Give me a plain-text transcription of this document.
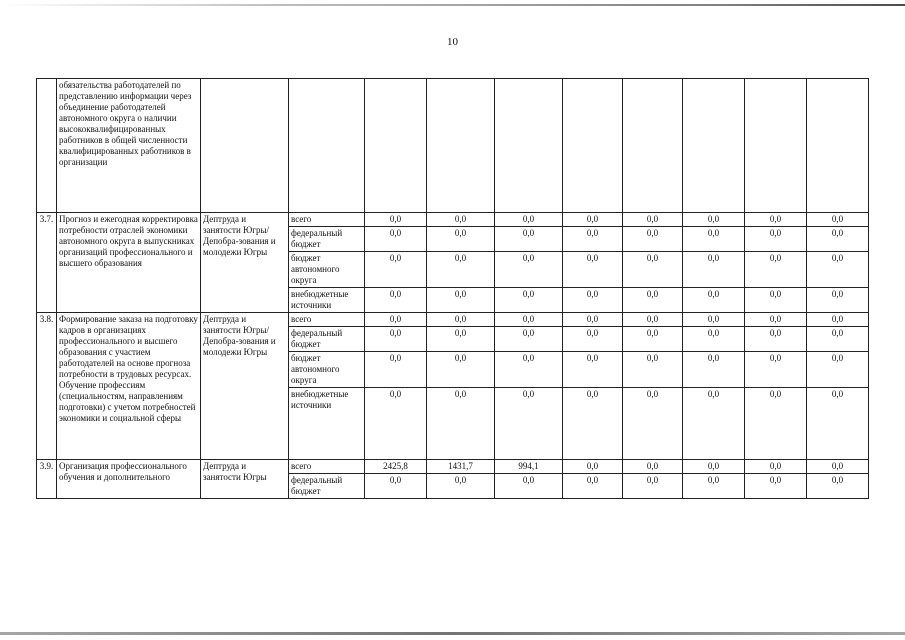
10
	обязательства работодателей по представлению информации через объединение работодателей автономного округа о наличии высококвалифицированных работников в общей численности квалифицированных работников в организации										
3.7.	Прогноз и ежегодная корректировка потребности отраслей экономики автономного округа в выпускниках организаций профессионального и высшего образования	Дептруда и занятости Югры/Депобра-зования и молодежи Югры	всего	0,0	0,0	0,0	0,0	0,0	0,0	0,0	0,0
			федеральный бюджет	0,0	0,0	0,0	0,0	0,0	0,0	0,0	0,0
			бюджет автономного округа	0,0	0,0	0,0	0,0	0,0	0,0	0,0	0,0
			внебюджетные источники	0,0	0,0	0,0	0,0	0,0	0,0	0,0	0,0
3.8.	Формирование заказа на подготовку кадров в организациях профессионального и высшего образования с участием работодателей на основе прогноза потребности в трудовых ресурсах. Обучение профессиям (специальностям, направлениям подготовки) с учетом потребностей экономики и социальной сферы	Дептруда и занятости Югры/Депобра-зования и молодежи Югры	всего	0,0	0,0	0,0	0,0	0,0	0,0	0,0	0,0
			федеральный бюджет	0,0	0,0	0,0	0,0	0,0	0,0	0,0	0,0
			бюджет автономного округа	0,0	0,0	0,0	0,0	0,0	0,0	0,0	0,0
			внебюджетные источники	0,0	0,0	0,0	0,0	0,0	0,0	0,0	0,0
3.9.	Организация профессионального обучения и дополнительного	Дептруда и занятости Югры	всего	2425,8	1431,7	994,1	0,0	0,0	0,0	0,0	0,0
			федеральный бюджет	0,0	0,0	0,0	0,0	0,0	0,0	0,0	0,0
